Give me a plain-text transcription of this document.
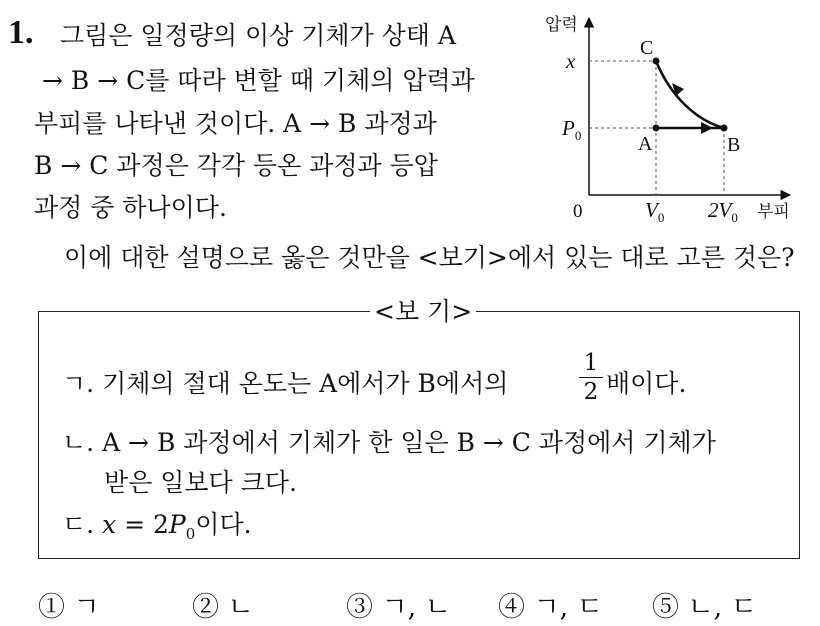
1. 그림은 일정량의 이상 기체가 상태 A
→ B → C를 따라 변할 때 기체의 압력과
부피를 나타낸 것이다. A → B 과정과
B → C 과정은 각각 등온 과정과 등압
과정 중 하나이다.
압력
부피
0
x
$P_0$
$V_0$ $2V_0$
A	B
C
이에 대한 설명으로 옳은 것만을 <보기>에서 있는 대로 고른 것은?
<보 기>
ㄱ. 기체의 절대 온도는 A에서가 B에서의
1
2 배이다.
ㄴ. A → B 과정에서 기체가 한 일은 B → C 과정에서 기체가
받은 일보다 크다.
ㄷ. $x = 2P_0$이다.
① ㄱ	② ㄴ	③ ㄱ, ㄴ ④ ㄱ, ㄷ ⑤ ㄴ, ㄷ
